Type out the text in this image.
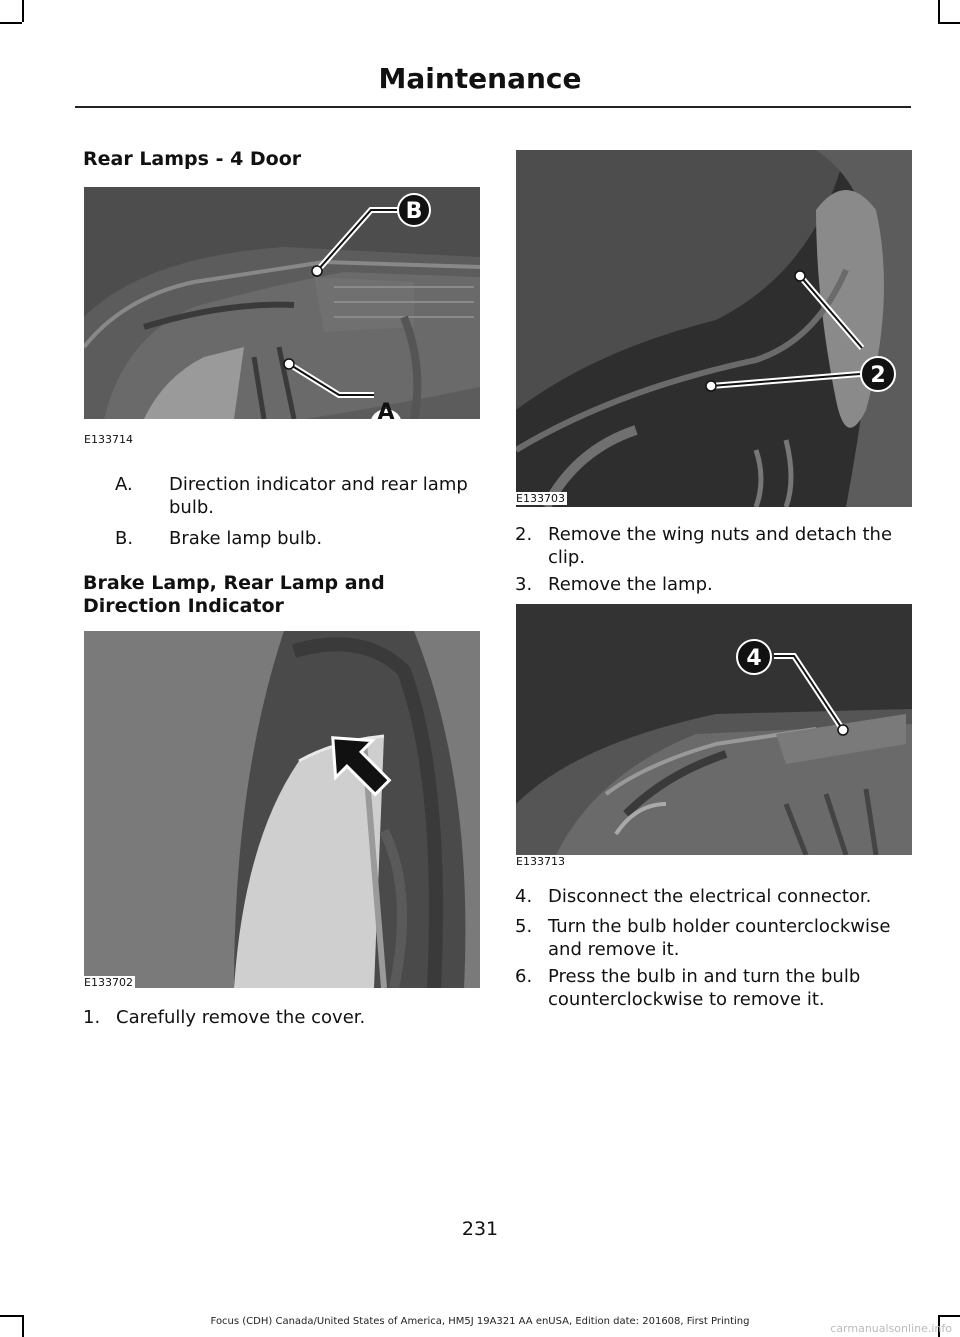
Maintenance
Rear Lamps - 4 Door
B
A
E133714
A. Direction indicator and rear lamp bulb.
B. Brake lamp bulb.
Brake Lamp, Rear Lamp and Direction Indicator
E133702
1. Carefully remove the cover.
2
E133703
2. Remove the wing nuts and detach the clip.
3. Remove the lamp.
4
E133713
4. Disconnect the electrical connector.
5. Turn the bulb holder counterclockwise and remove it.
6. Press the bulb in and turn the bulb counterclockwise to remove it.
231
Focus (CDH) Canada/United States of America, HM5J 19A321 AA enUSA, Edition date: 201608, First Printing
carmanualsonline.info
